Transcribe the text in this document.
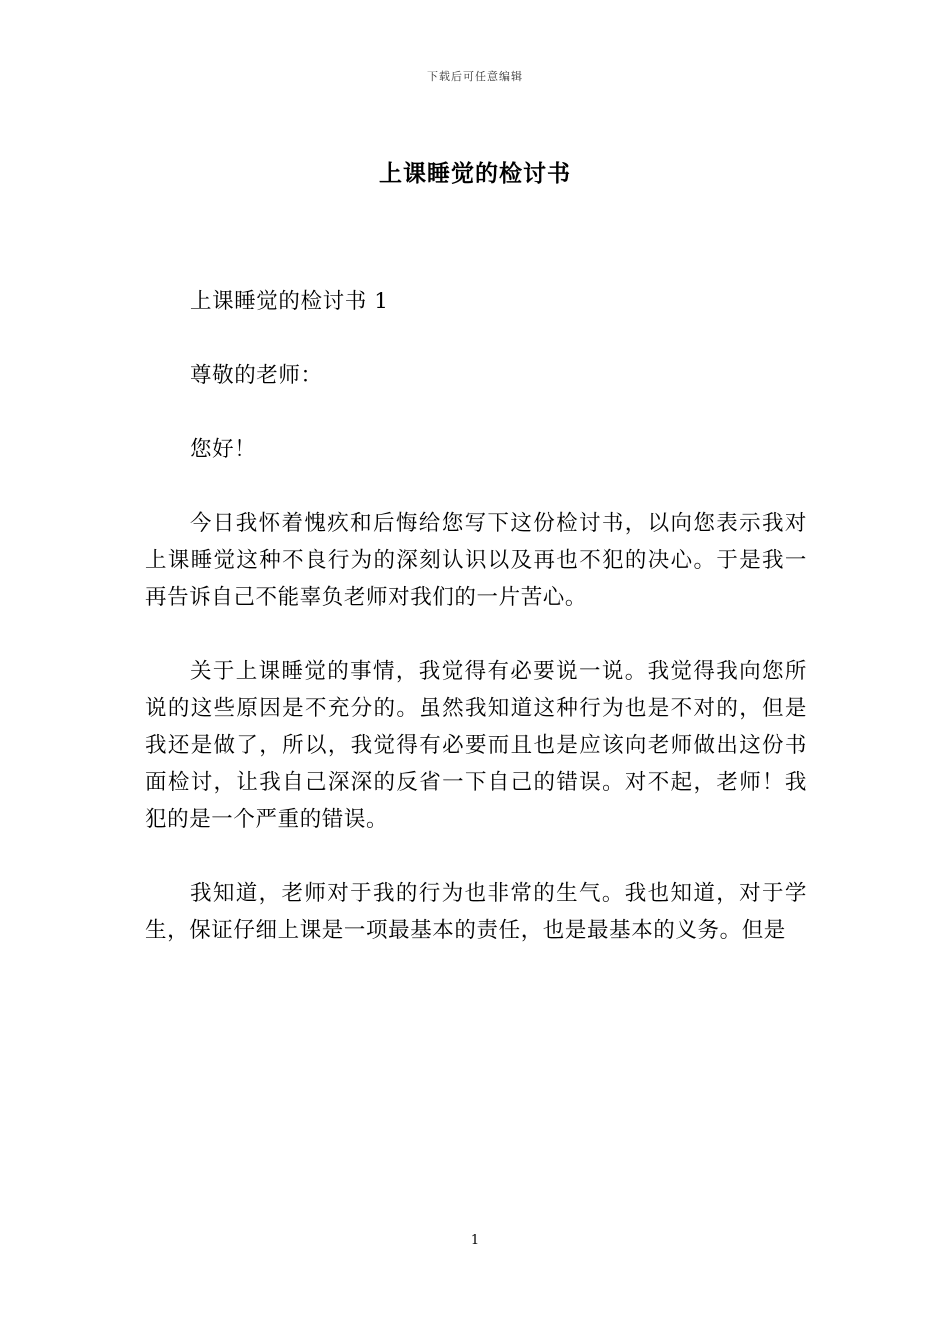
下载后可任意编辑
上课睡觉的检讨书

上课睡觉的检讨书 1

尊敬的老师：

您好！

今日我怀着愧疚和后悔给您写下这份检讨书，以向您表示我对上课睡觉这种不良行为的深刻认识以及再也不犯的决心。于是我一再告诉自己不能辜负老师对我们的一片苦心。

关于上课睡觉的事情，我觉得有必要说一说。我觉得我向您所说的这些原因是不充分的。虽然我知道这种行为也是不对的，但是我还是做了，所以，我觉得有必要而且也是应该向老师做出这份书面检讨，让我自己深深的反省一下自己的错误。对不起，老师！我犯的是一个严重的错误。

我知道，老师对于我的行为也非常的生气。我也知道，对于学生，保证仔细上课是一项最基本的责任，也是最基本的义务。但是

1
